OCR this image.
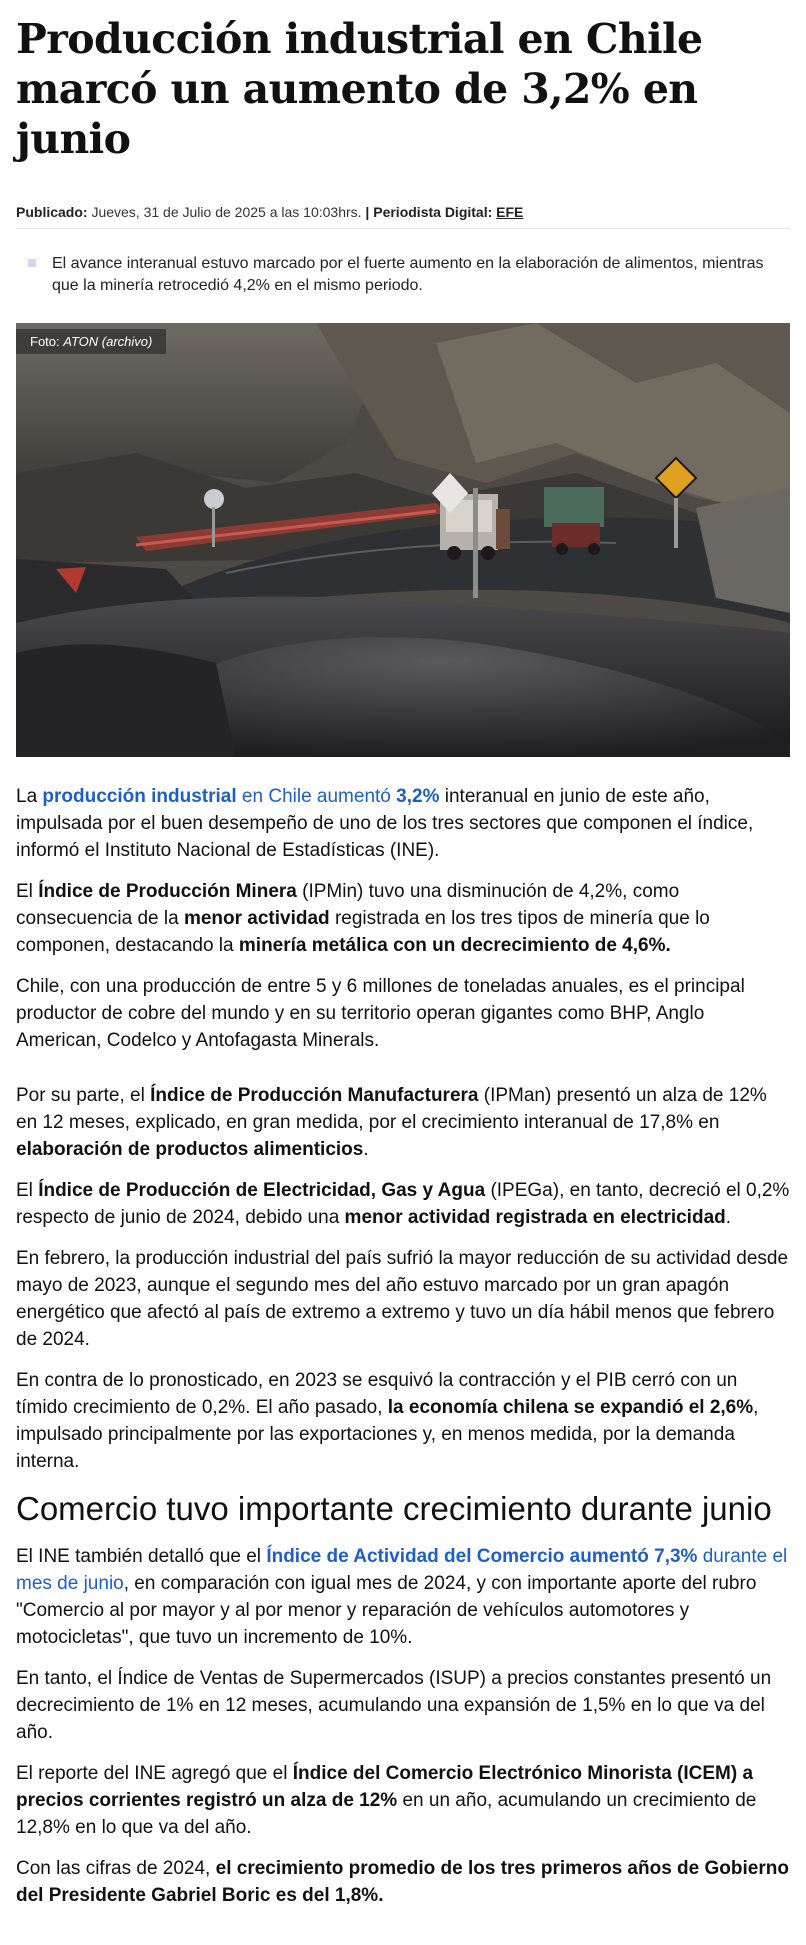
Producción industrial en Chile marcó un aumento de 3,2% en junio
Publicado: Jueves, 31 de Julio de 2025 a las 10:03hrs. | Periodista Digital: EFE
El avance interanual estuvo marcado por el fuerte aumento en la elaboración de alimentos, mientras que la minería retrocedió 4,2% en el mismo periodo.
Foto: ATON (archivo)

La producción industrial en Chile aumentó 3,2% interanual en junio de este año, impulsada por el buen desempeño de uno de los tres sectores que componen el índice, informó el Instituto Nacional de Estadísticas (INE).

El Índice de Producción Minera (IPMin) tuvo una disminución de 4,2%, como consecuencia de la menor actividad registrada en los tres tipos de minería que lo componen, destacando la minería metálica con un decrecimiento de 4,6%.

Chile, con una producción de entre 5 y 6 millones de toneladas anuales, es el principal productor de cobre del mundo y en su territorio operan gigantes como BHP, Anglo American, Codelco y Antofagasta Minerals.

Por su parte, el Índice de Producción Manufacturera (IPMan) presentó un alza de 12% en 12 meses, explicado, en gran medida, por el crecimiento interanual de 17,8% en elaboración de productos alimenticios.

El Índice de Producción de Electricidad, Gas y Agua (IPEGa), en tanto, decreció el 0,2% respecto de junio de 2024, debido una menor actividad registrada en electricidad.

En febrero, la producción industrial del país sufrió la mayor reducción de su actividad desde mayo de 2023, aunque el segundo mes del año estuvo marcado por un gran apagón energético que afectó al país de extremo a extremo y tuvo un día hábil menos que febrero de 2024.

En contra de lo pronosticado, en 2023 se esquivó la contracción y el PIB cerró con un tímido crecimiento de 0,2%. El año pasado, la economía chilena se expandió el 2,6%, impulsado principalmente por las exportaciones y, en menos medida, por la demanda interna.

Comercio tuvo importante crecimiento durante junio

El INE también detalló que el Índice de Actividad del Comercio aumentó 7,3% durante el mes de junio, en comparación con igual mes de 2024, y con importante aporte del rubro "Comercio al por mayor y al por menor y reparación de vehículos automotores y motocicletas", que tuvo un incremento de 10%.

En tanto, el Índice de Ventas de Supermercados (ISUP) a precios constantes presentó un decrecimiento de 1% en 12 meses, acumulando una expansión de 1,5% en lo que va del año.

El reporte del INE agregó que el Índice del Comercio Electrónico Minorista (ICEM) a precios corrientes registró un alza de 12% en un año, acumulando un crecimiento de 12,8% en lo que va del año.

Con las cifras de 2024, el crecimiento promedio de los tres primeros años de Gobierno del Presidente Gabriel Boric es del 1,8%.
